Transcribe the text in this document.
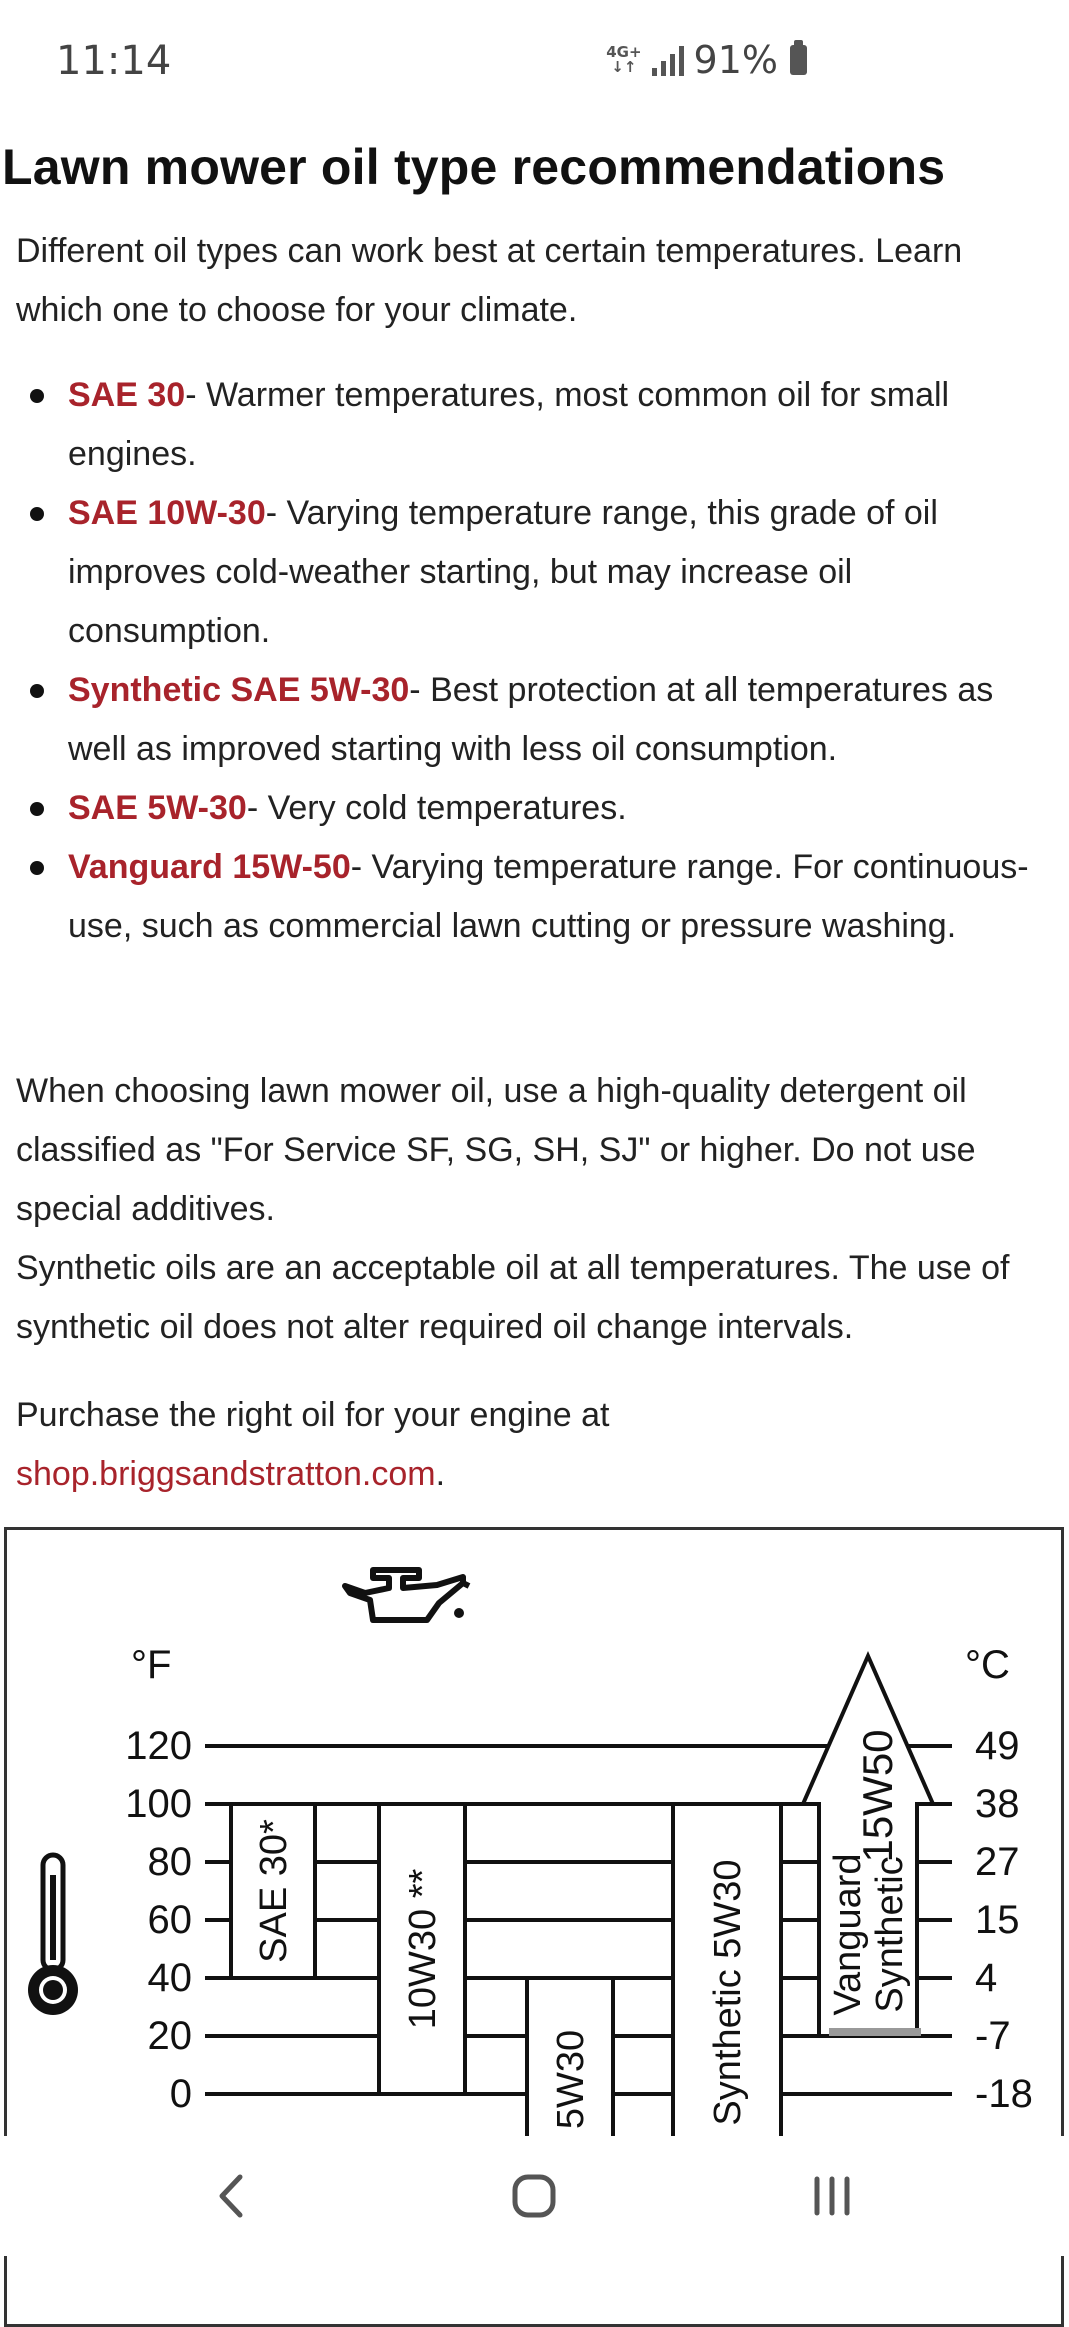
11:14	4G+
↓↑ 91%
Lawn mower oil type recommendations
Different oil types can work best at certain temperatures. Learn which one to choose for your climate.
SAE 30- Warmer temperatures, most common oil for small engines.
SAE 10W-30- Varying temperature range, this grade of oil improves cold-weather starting, but may increase oil consumption.
Synthetic SAE 5W-30- Best protection at all temperatures as well as improved starting with less oil consumption.
SAE 5W-30- Very cold temperatures.
Vanguard 15W-50- Varying temperature range. For continuous-use, such as commercial lawn cutting or pressure washing.
When choosing lawn mower oil, use a high-quality detergent oil classified as "For Service SF, SG, SH, SJ" or higher. Do not use special additives.
Synthetic oils are an acceptable oil at all temperatures. The use of synthetic oil does not alter required oil change intervals.
Purchase the right oil for your engine at shop.briggsandstratton.com.
°F	°C
120	49
100	38
80	27
60	15
40	4
20	-7
0	-18
SAE 30*	10W30 **
5W30	Synthetic 5W30
15W50
Vanguard Synthetic
